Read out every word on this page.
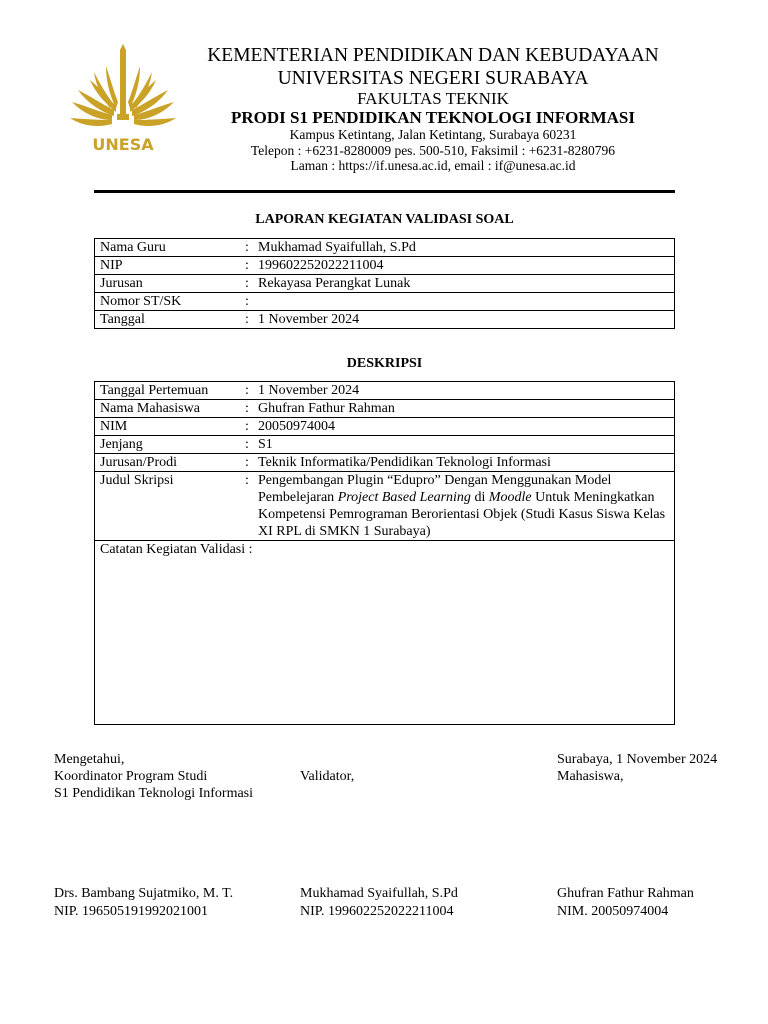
UNESA
KEMENTERIAN PENDIDIKAN DAN KEBUDAYAAN
UNIVERSITAS NEGERI SURABAYA
FAKULTAS TEKNIK
PRODI S1 PENDIDIKAN TEKNOLOGI INFORMASI
Kampus Ketintang, Jalan Ketintang, Surabaya 60231
Telepon : +6231-8280009 pes. 500-510, Faksimil : +6231-8280796
Laman : https://if.unesa.ac.id, email : if@unesa.ac.id
LAPORAN KEGIATAN VALIDASI SOAL
Nama Guru	:	Mukhamad Syaifullah, S.Pd
NIP	:	199602252022211004
Jurusan	:	Rekayasa Perangkat Lunak
Nomor ST/SK	:	
Tanggal	:	1 November 2024
DESKRIPSI
Tanggal Pertemuan	:	1 November 2024
Nama Mahasiswa	:	Ghufran Fathur Rahman
NIM	:	20050974004
Jenjang	:	S1
Jurusan/Prodi	:	Teknik Informatika/Pendidikan Teknologi Informasi
Judul Skripsi	:	Pengembangan Plugin “Edupro” Dengan Menggunakan Model Pembelejaran Project Based Learning di Moodle Untuk Meningkatkan Kompetensi Pemrograman Berorientasi Objek (Studi Kasus Siswa Kelas XI RPL di SMKN 1 Surabaya)
Catatan Kegiatan Validasi :		
Mengetahui,
Koordinator Program Studi
S1 Pendidikan Teknologi Informasi
Drs. Bambang Sujatmiko, M. T.
NIP. 196505191992021001
Validator,
Mukhamad Syaifullah, S.Pd
NIP. 199602252022211004
Surabaya, 1 November 2024
Mahasiswa,
Ghufran Fathur Rahman
NIM. 20050974004
